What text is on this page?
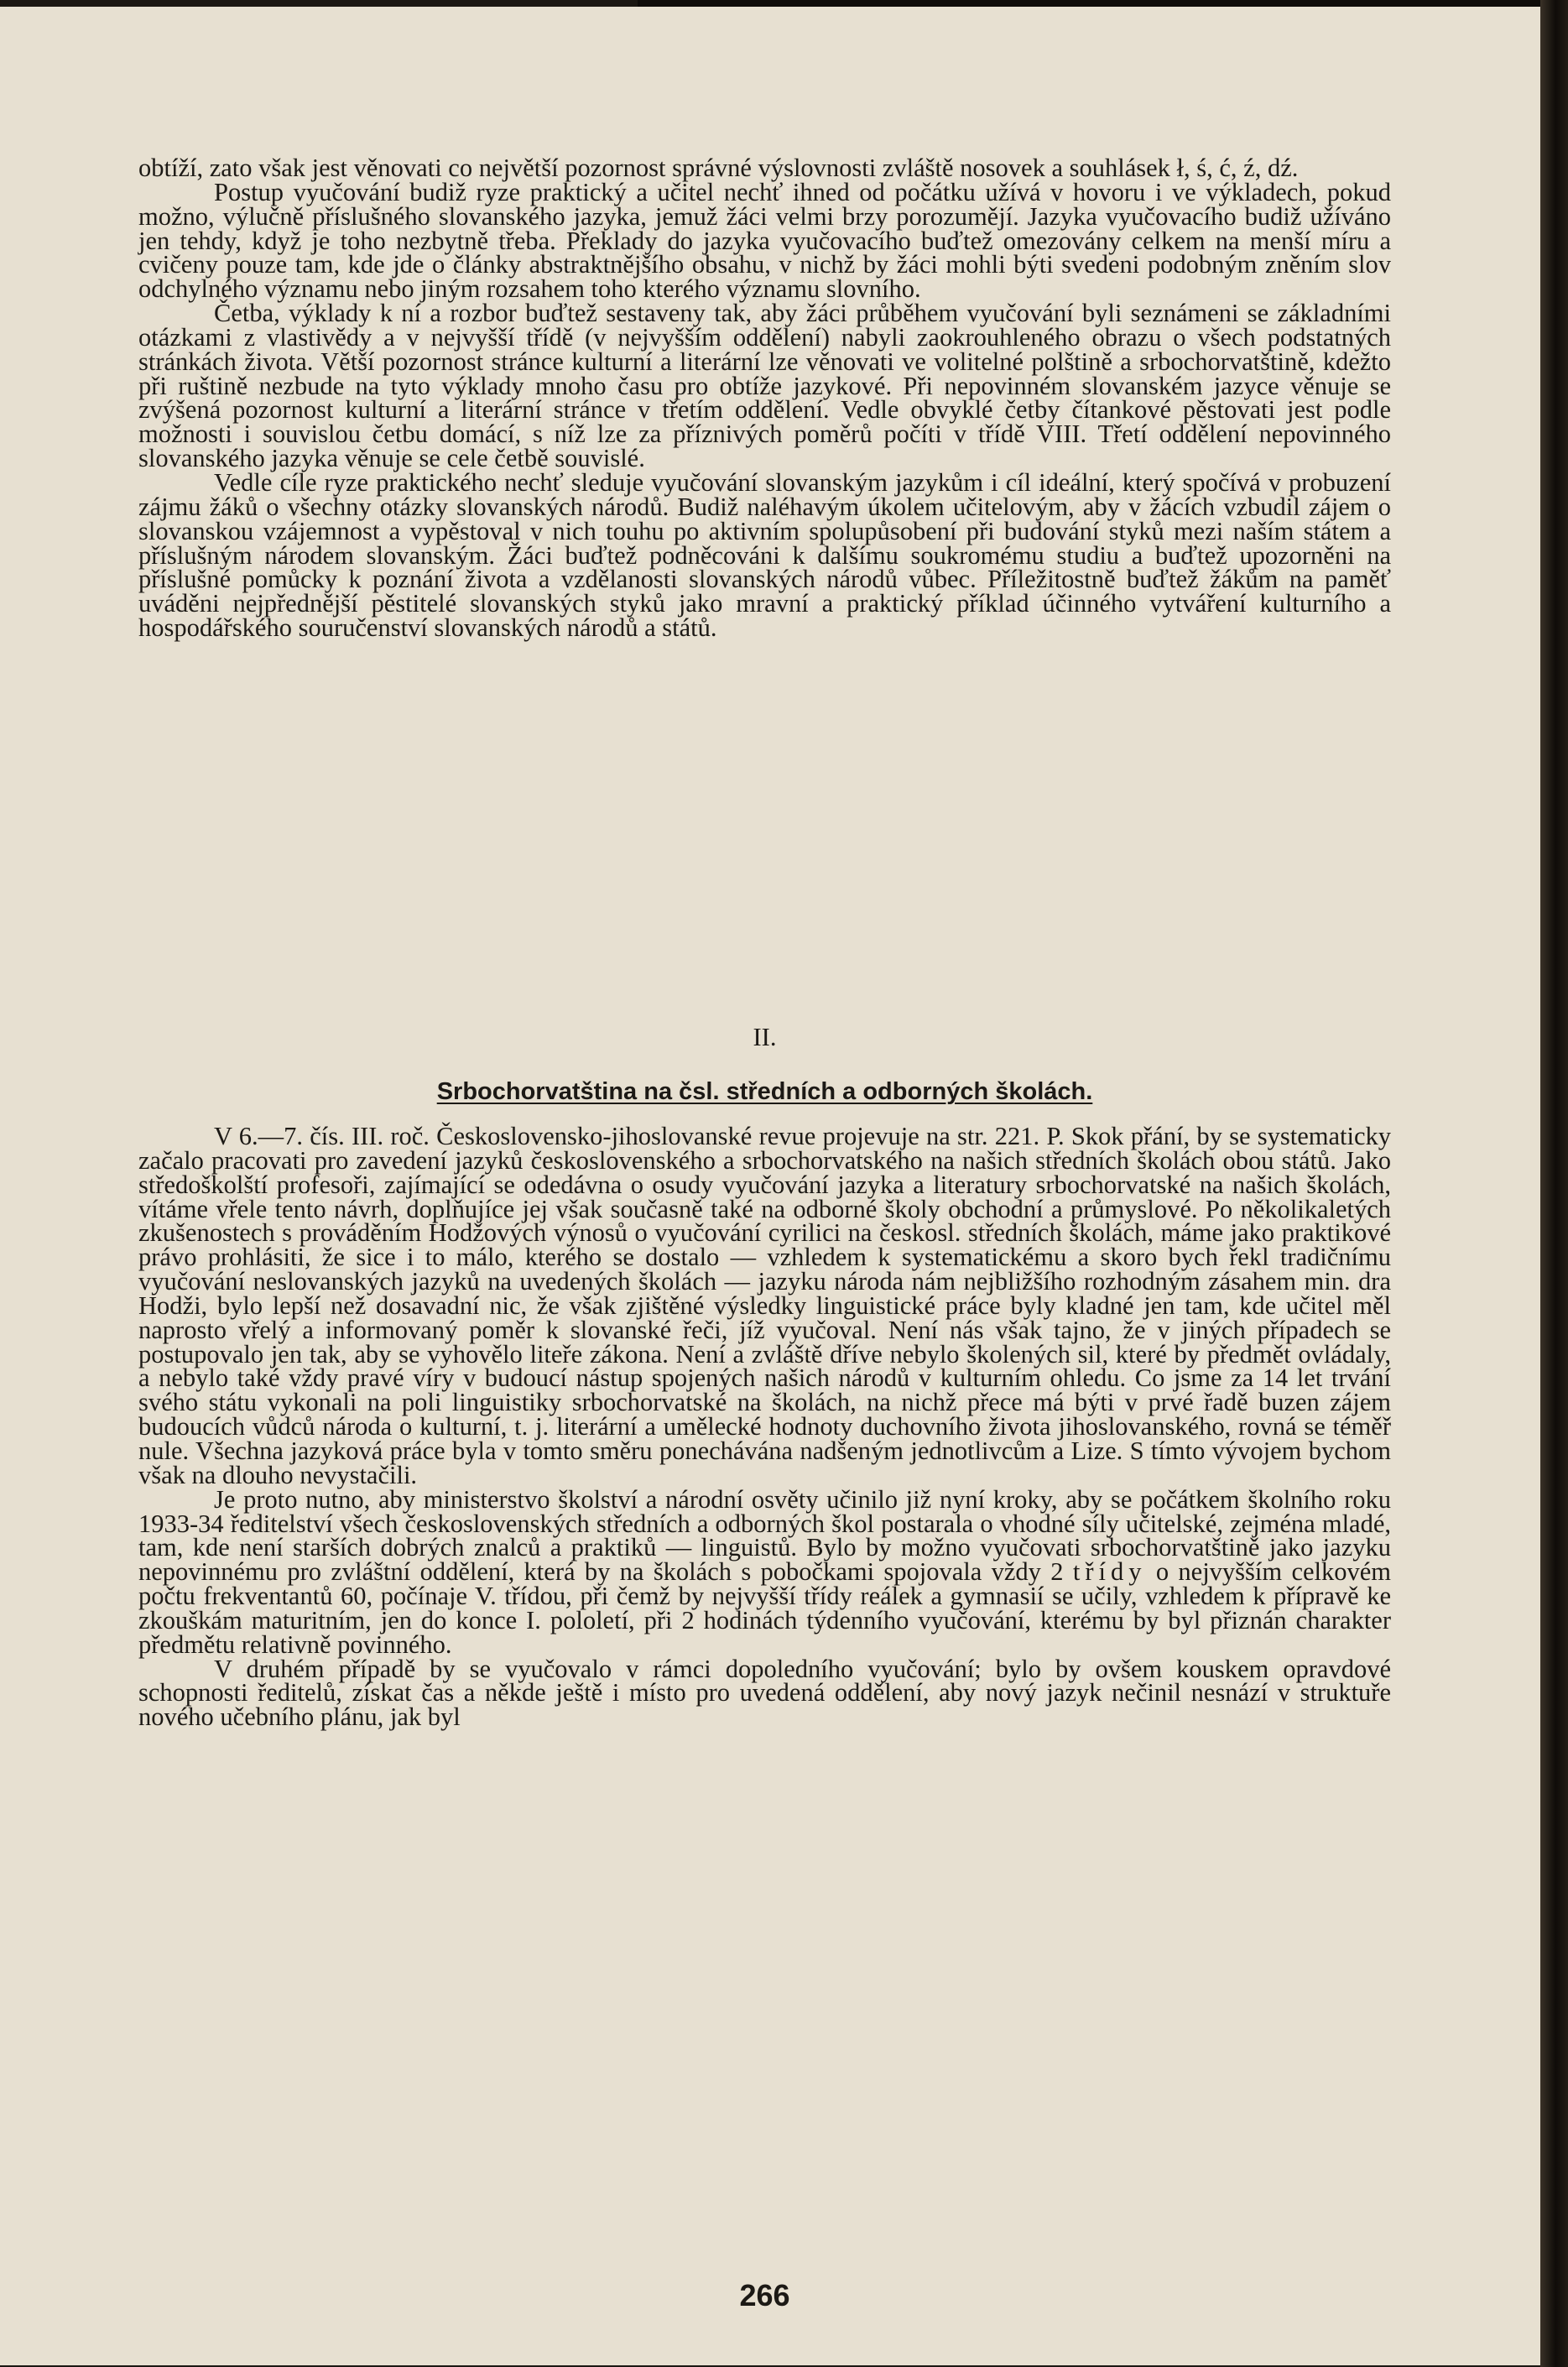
obtíží, zato však jest věnovati co největší pozornost správné výslovnosti zvláště nosovek a souhlásek ł, ś, ć, ź, dź.

Postup vyučování budiž ryze praktický a učitel nechť ihned od počátku užívá v hovoru i ve výkladech, pokud možno, výlučně příslušného slovanského jazyka, jemuž žáci velmi brzy porozumějí. Jazyka vyučovacího budiž užíváno jen tehdy, když je toho nezbytně třeba. Překlady do jazyka vyučovacího buďtež omezovány celkem na menší míru a cvičeny pouze tam, kde jde o články abstraktnějšího obsahu, v nichž by žáci mohli býti svedeni podobným zněním slov odchylného významu nebo jiným rozsahem toho kterého významu slovního.

Četba, výklady k ní a rozbor buďtež sestaveny tak, aby žáci průběhem vyučování byli seznámeni se základními otázkami z vlastivědy a v nejvyšší třídě (v nejvyšším oddělení) nabyli zaokrouhleného obrazu o všech podstatných stránkách života. Větší pozornost stránce kulturní a literární lze věnovati ve volitelné polštině a srbochorvatštině, kdežto při ruštině nezbude na tyto výklady mnoho času pro obtíže jazykové. Při nepovinném slovanském jazyce věnuje se zvýšená pozornost kulturní a literární stránce v třetím oddělení. Vedle obvyklé četby čítankové pěstovati jest podle možnosti i souvislou četbu domácí, s níž lze za příznivých poměrů počíti v třídě VIII. Třetí oddělení nepovinného slovanského jazyka věnuje se cele četbě souvislé.

Vedle cíle ryze praktického nechť sleduje vyučování slovanským jazykům i cíl ideální, který spočívá v probuzení zájmu žáků o všechny otázky slovanských národů. Budiž naléhavým úkolem učitelovým, aby v žácích vzbudil zájem o slovanskou vzájemnost a vypěstoval v nich touhu po aktivním spolupůsobení při budování styků mezi naším státem a příslušným národem slovanským. Žáci buďtež podněcováni k dalšímu soukromému studiu a buďtež upozorněni na příslušné pomůcky k poznání života a vzdělanosti slovanských národů vůbec. Příležitostně buďtež žákům na paměť uváděni nejpřednější pěstitelé slovanských styků jako mravní a praktický příklad účinného vytváření kulturního a hospodářského souručenství slovanských národů a států.

II.
Srbochorvatština na čsl. středních a odborných školách.

V 6.—7. čís. III. roč. Československo-jihoslovanské revue projevuje na str. 221. P. Skok přání, by se systematicky začalo pracovati pro zavedení jazyků československého a srbochorvatského na našich středních školách obou států. Jako středoškolští profesoři, zajímající se odedávna o osudy vyučování jazyka a literatury srbochorvatské na našich školách, vítáme vřele tento návrh, doplňujíce jej však současně také na odborné školy obchodní a průmyslové. Po několikaletých zkušenostech s prováděním Hodžových výnosů o vyučování cyrilici na českosl. středních školách, máme jako praktikové právo prohlásiti, že sice i to málo, kterého se dostalo — vzhledem k systematickému a skoro bych řekl tradičnímu vyučování neslovanských jazyků na uvedených školách — jazyku národa nám nejbližšího rozhodným zásahem min. dra Hodži, bylo lepší než dosavadní nic, že však zjištěné výsledky linguistické práce byly kladné jen tam, kde učitel měl naprosto vřelý a informovaný poměr k slovanské řeči, jíž vyučoval. Není nás však tajno, že v jiných případech se postupovalo jen tak, aby se vyhovělo liteře zákona. Není a zvláště dříve nebylo školených sil, které by předmět ovládaly, a nebylo také vždy pravé víry v budoucí nástup spojených našich národů v kulturním ohledu. Co jsme za 14 let trvání svého státu vykonali na poli linguistiky srbochorvatské na školách, na nichž přece má býti v prvé řadě buzen zájem budoucích vůdců národa o kulturní, t. j. literární a umělecké hodnoty duchovního života jihoslovanského, rovná se téměř nule. Všechna jazyková práce byla v tomto směru ponechávána nadšeným jednotlivcům a Lize. S tímto vývojem bychom však na dlouho nevystačili.

Je proto nutno, aby ministerstvo školství a národní osvěty učinilo již nyní kroky, aby se počátkem školního roku 1933-34 ředitelství všech československých středních a odborných škol postarala o vhodné síly učitelské, zejména mladé, tam, kde není starších dobrých znalců a praktiků — linguistů. Bylo by možno vyučovati srbochorvatštině jako jazyku nepovinnému pro zvláštní oddělení, která by na školách s pobočkami spojovala vždy 2 třídy o nejvyšším celkovém počtu frekventantů 60, počínaje V. třídou, při čemž by nejvyšší třídy reálek a gymnasií se učily, vzhledem k přípravě ke zkouškám maturitním, jen do konce I. pololetí, při 2 hodinách týdenního vyučování, kterému by byl přiznán charakter předmětu relativně povinného.

V druhém případě by se vyučovalo v rámci dopoledního vyučování; bylo by ovšem kouskem opravdové schopnosti ředitelů, získat čas a někde ještě i místo pro uvedená oddělení, aby nový jazyk nečinil nesnází v struktuře nového učebního plánu, jak byl

266
